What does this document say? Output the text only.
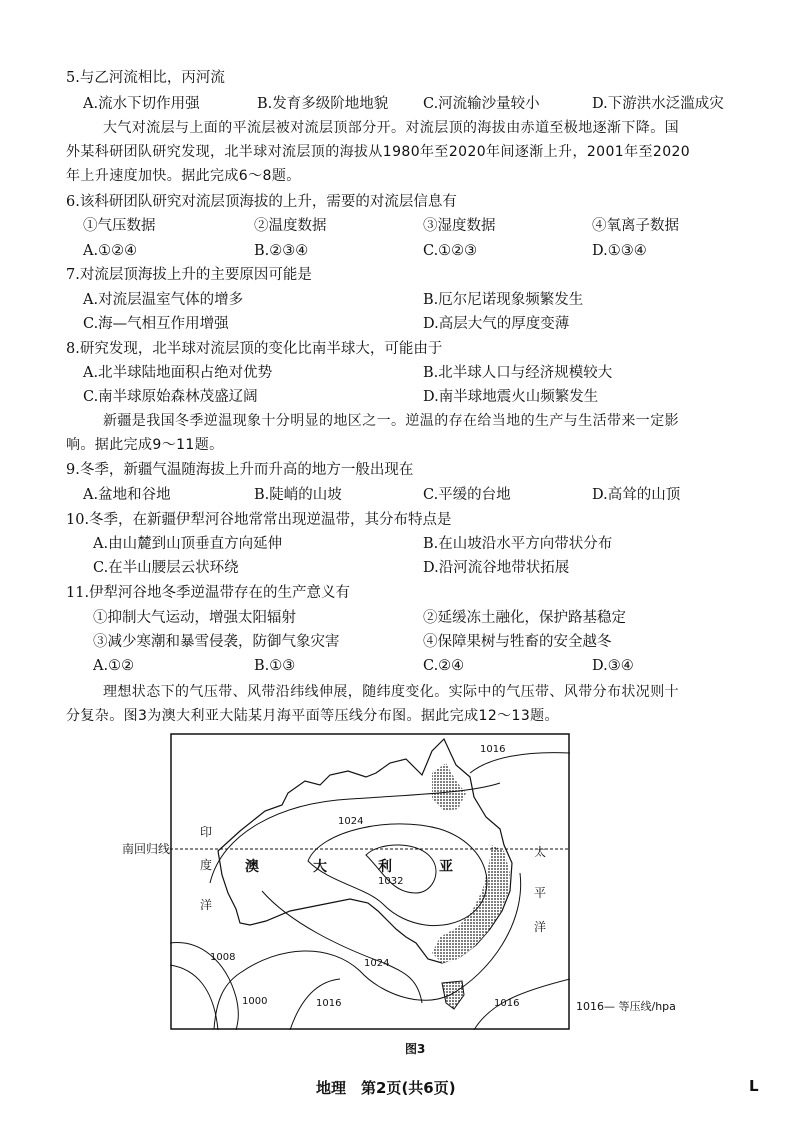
5.与乙河流相比，丙河流
A.流水下切作用强	B.发育多级阶地地貌 C.河流输沙量较小	D.下游洪水泛滥成灾
大气对流层与上面的平流层被对流层顶部分开。对流层顶的海拔由赤道至极地逐渐下降。国
外某科研团队研究发现，北半球对流层顶的海拔从1980年至2020年间逐渐上升，2001年至2020
年上升速度加快。据此完成6～8题。
6.该科研团队研究对流层顶海拔的上升，需要的对流层信息有
①气压数据	②温度数据	③湿度数据	④氧离子数据
A.①②④	B.②③④	C.①②③	D.①③④
7.对流层顶海拔上升的主要原因可能是
A.对流层温室气体的增多	B.厄尔尼诺现象频繁发生
C.海—气相互作用增强	D.高层大气的厚度变薄
8.研究发现，北半球对流层顶的变化比南半球大，可能由于
A.北半球陆地面积占绝对优势	B.北半球人口与经济规模较大
C.南半球原始森林茂盛辽阔	D.南半球地震火山频繁发生
新疆是我国冬季逆温现象十分明显的地区之一。逆温的存在给当地的生产与生活带来一定影
响。据此完成9～11题。
9.冬季，新疆气温随海拔上升而升高的地方一般出现在
A.盆地和谷地	B.陡峭的山坡	C.平缓的台地	D.高耸的山顶
10.冬季，在新疆伊犁河谷地常常出现逆温带，其分布特点是
A.由山麓到山顶垂直方向延伸	B.在山坡沿水平方向带状分布
C.在半山腰层云状环绕	D.沿河流谷地带状拓展
11.伊犁河谷地冬季逆温带存在的生产意义有
①抑制大气运动，增强太阳辐射	②延缓冻土融化，保护路基稳定
③减少寒潮和暴雪侵袭，防御气象灾害	④保障果树与牲畜的安全越冬
A.①②	B.①③	C.②④	D.③④
理想状态下的气压带、风带沿纬线伸展，随纬度变化。实际中的气压带、风带分布状况则十
分复杂。图3为澳大利亚大陆某月海平面等压线分布图。据此完成12～13题。
南回归线
印
度
洋
太
平
洋
澳	大	利	亚
1016
1024
1032
1008
1000
1024
1016	1016	1016— 等压线/hpa
图3
地理　第2页(共6页)	L
